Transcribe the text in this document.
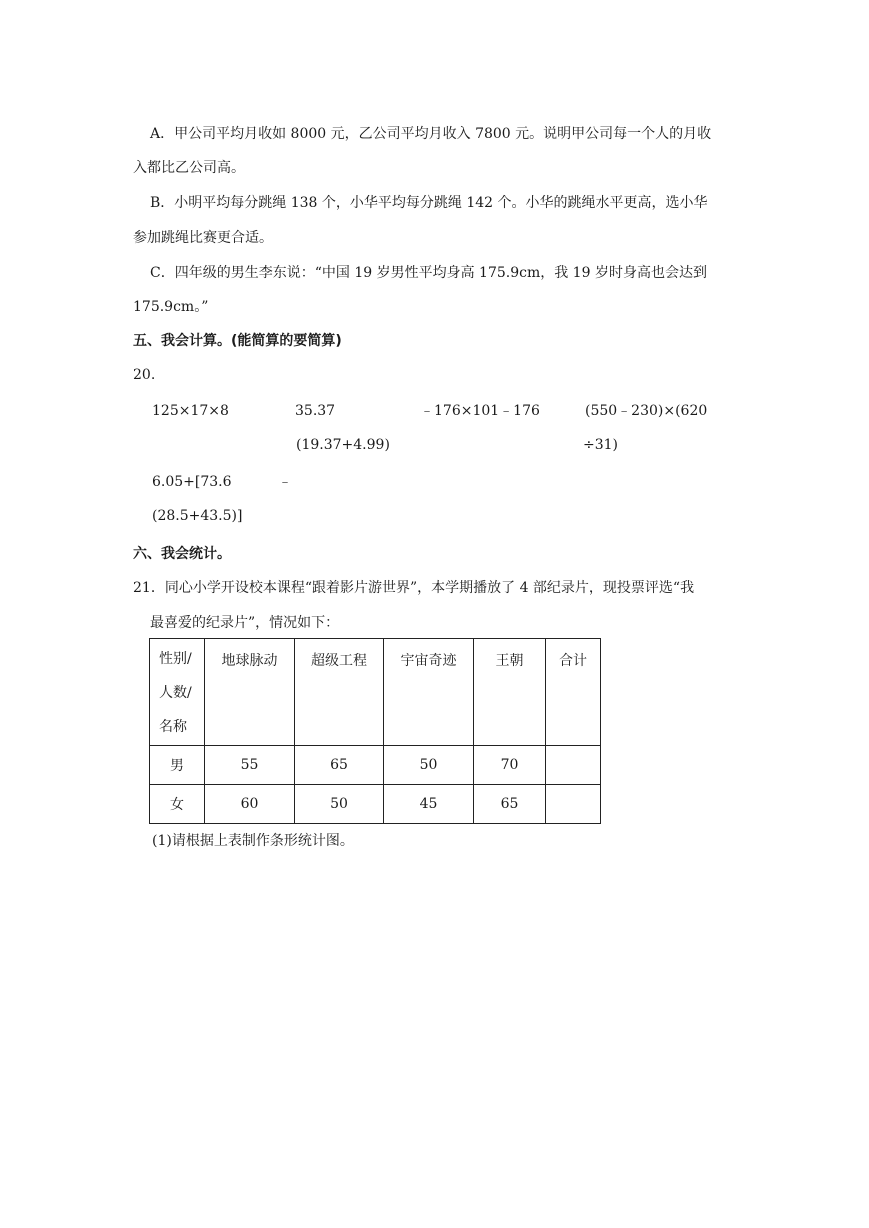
A．甲公司平均月收如 8000 元，乙公司平均月收入 7800 元。说明甲公司每一个人的月收
入都比乙公司高。
B．小明平均每分跳绳 138 个，小华平均每分跳绳 142 个。小华的跳绳水平更高，选小华
参加跳绳比赛更合适。
C．四年级的男生李东说：“中国 19 岁男性平均身高 175.9cm，我 19 岁时身高也会达到
175.9cm。”
五、我会计算。(能简算的要简算)
20.
125×17×8	35.37
(19.37+4.99)
﹣176×101﹣176	(550﹣230)×(620
÷31)
6.05+[73.6	﹣
(28.5+43.5)]
六、我会统计。
21．同心小学开设校本课程“跟着影片游世界”，本学期播放了 4 部纪录片，现投票评选“我
最喜爱的纪录片”，情况如下：
性别/
人数/
名称	地球脉动	超级工程	宇宙奇迹	王朝	合计
男	55	65	50	70	
女	60	50	45	65	
(1)请根据上表制作条形统计图。
